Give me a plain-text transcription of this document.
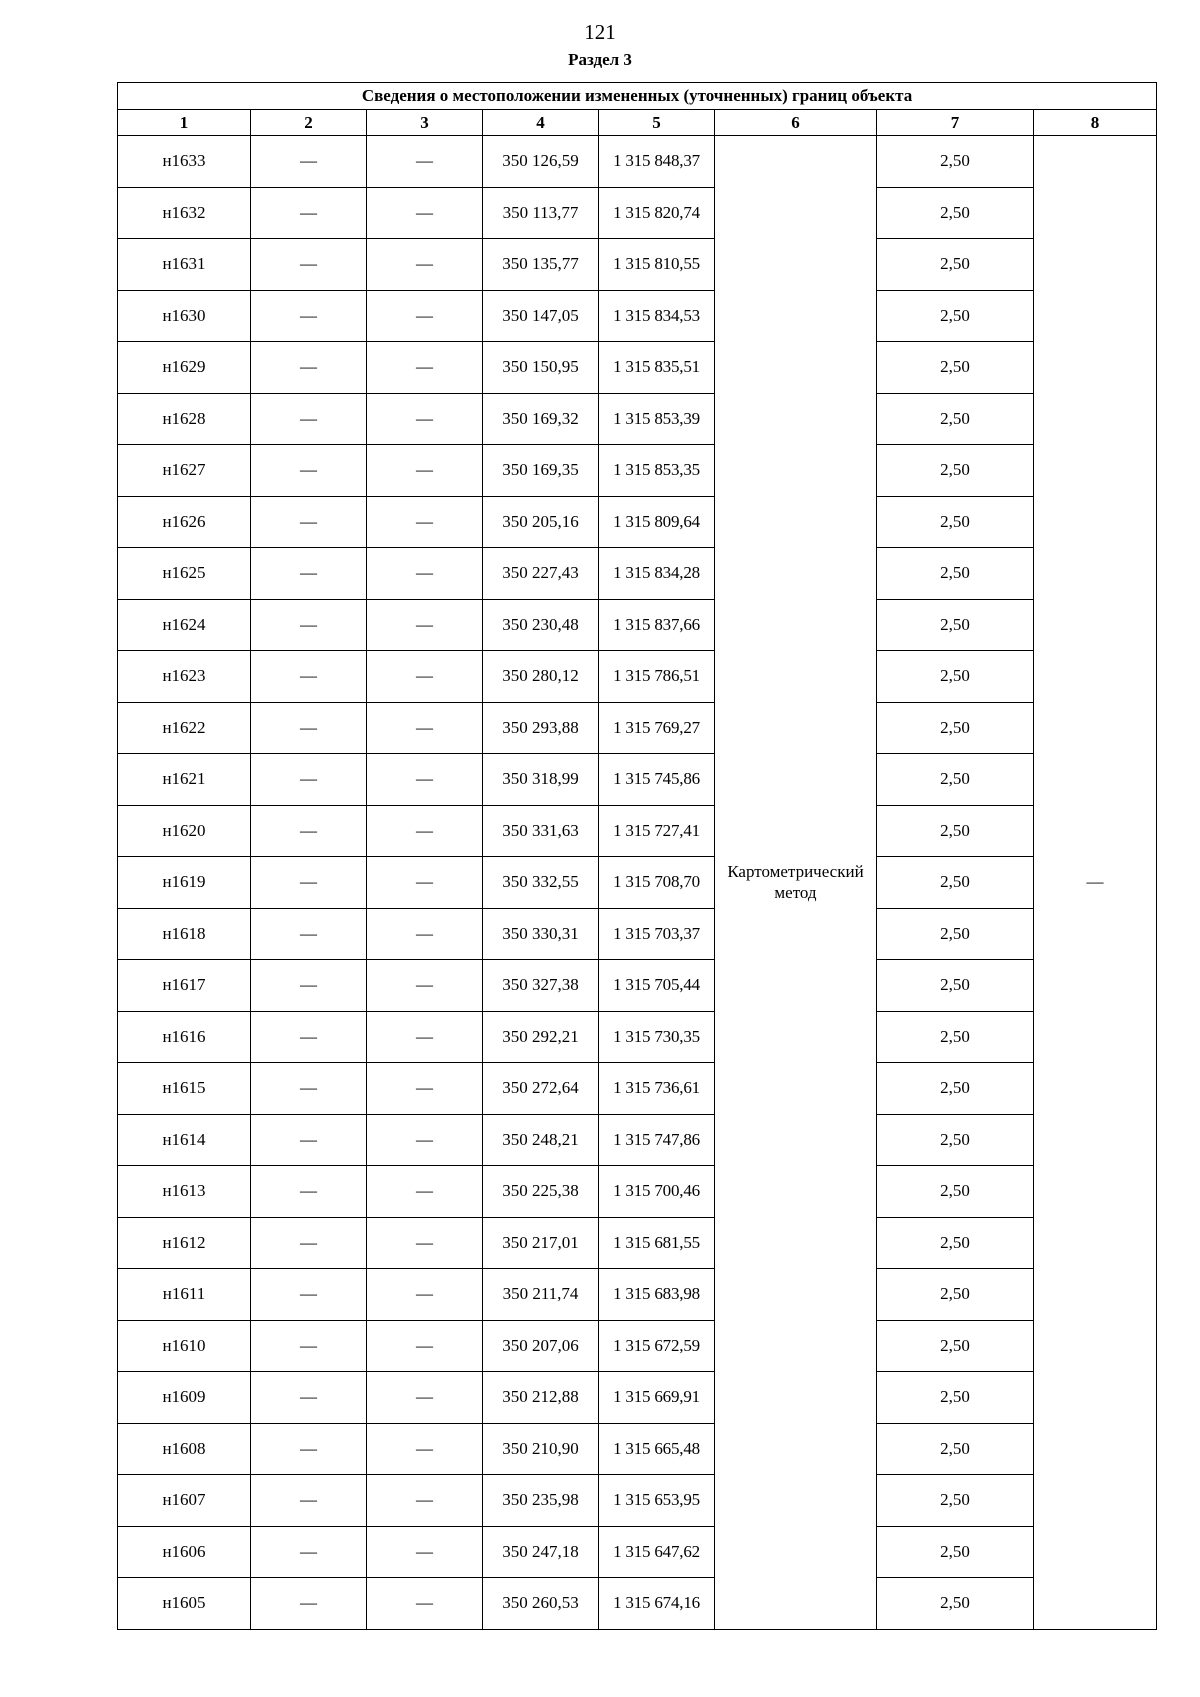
121
Раздел 3
Сведения о местоположении измененных (уточненных) границ объекта							
1	2	3	4	5	6	7	8
н1633	—	—	350 126,59	1 315 848,37	Картометрический метод	2,50	—
н1632	—	—	350 113,77	1 315 820,74		2,50	
н1631	—	—	350 135,77	1 315 810,55		2,50	
н1630	—	—	350 147,05	1 315 834,53		2,50	
н1629	—	—	350 150,95	1 315 835,51		2,50	
н1628	—	—	350 169,32	1 315 853,39		2,50	
н1627	—	—	350 169,35	1 315 853,35		2,50	
н1626	—	—	350 205,16	1 315 809,64		2,50	
н1625	—	—	350 227,43	1 315 834,28		2,50	
н1624	—	—	350 230,48	1 315 837,66		2,50	
н1623	—	—	350 280,12	1 315 786,51		2,50	
н1622	—	—	350 293,88	1 315 769,27		2,50	
н1621	—	—	350 318,99	1 315 745,86		2,50	
н1620	—	—	350 331,63	1 315 727,41		2,50	
н1619	—	—	350 332,55	1 315 708,70		2,50	
н1618	—	—	350 330,31	1 315 703,37		2,50	
н1617	—	—	350 327,38	1 315 705,44		2,50	
н1616	—	—	350 292,21	1 315 730,35		2,50	
н1615	—	—	350 272,64	1 315 736,61		2,50	
н1614	—	—	350 248,21	1 315 747,86		2,50	
н1613	—	—	350 225,38	1 315 700,46		2,50	
н1612	—	—	350 217,01	1 315 681,55		2,50	
н1611	—	—	350 211,74	1 315 683,98		2,50	
н1610	—	—	350 207,06	1 315 672,59		2,50	
н1609	—	—	350 212,88	1 315 669,91		2,50	
н1608	—	—	350 210,90	1 315 665,48		2,50	
н1607	—	—	350 235,98	1 315 653,95		2,50	
н1606	—	—	350 247,18	1 315 647,62		2,50	
н1605	—	—	350 260,53	1 315 674,16		2,50	
